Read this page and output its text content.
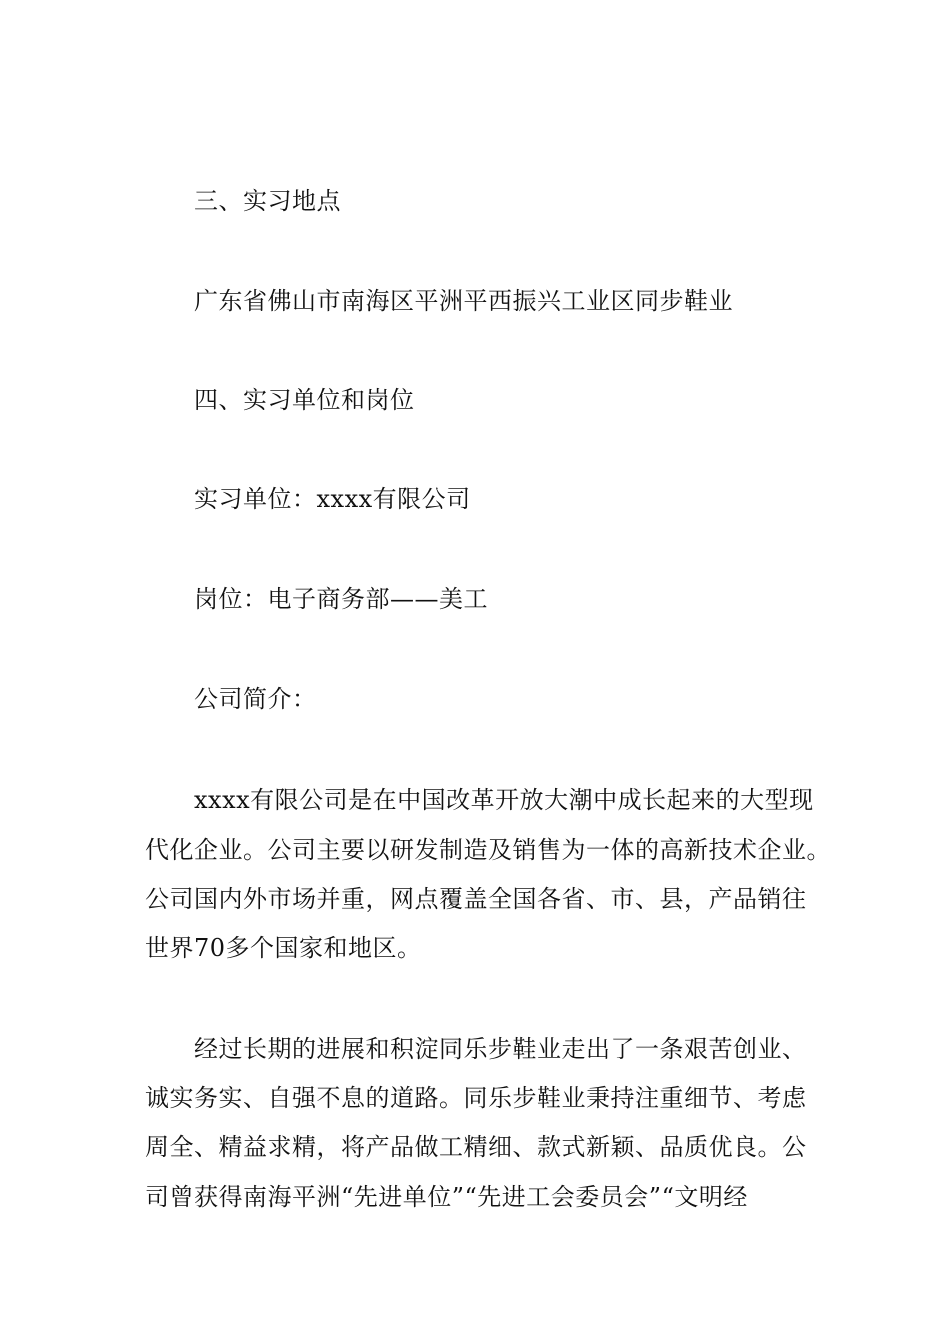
三、实习地点
广东省佛山市南海区平洲平西振兴工业区同步鞋业
四、实习单位和岗位
实习单位：xxxx有限公司
岗位：电子商务部——美工
公司简介：
xxxx有限公司是在中国改革开放大潮中成长起来的大型现
代化企业。公司主要以研发制造及销售为一体的高新技术企业。
公司国内外市场并重，网点覆盖全国各省、市、县，产品销往
世界70多个国家和地区。
经过长期的进展和积淀同乐步鞋业走出了一条艰苦创业、
诚实务实、自强不息的道路。同乐步鞋业秉持注重细节、考虑
周全、精益求精，将产品做工精细、款式新颖、品质优良。公
司曾获得南海平洲“先进单位”“先进工会委员会”“文明经
